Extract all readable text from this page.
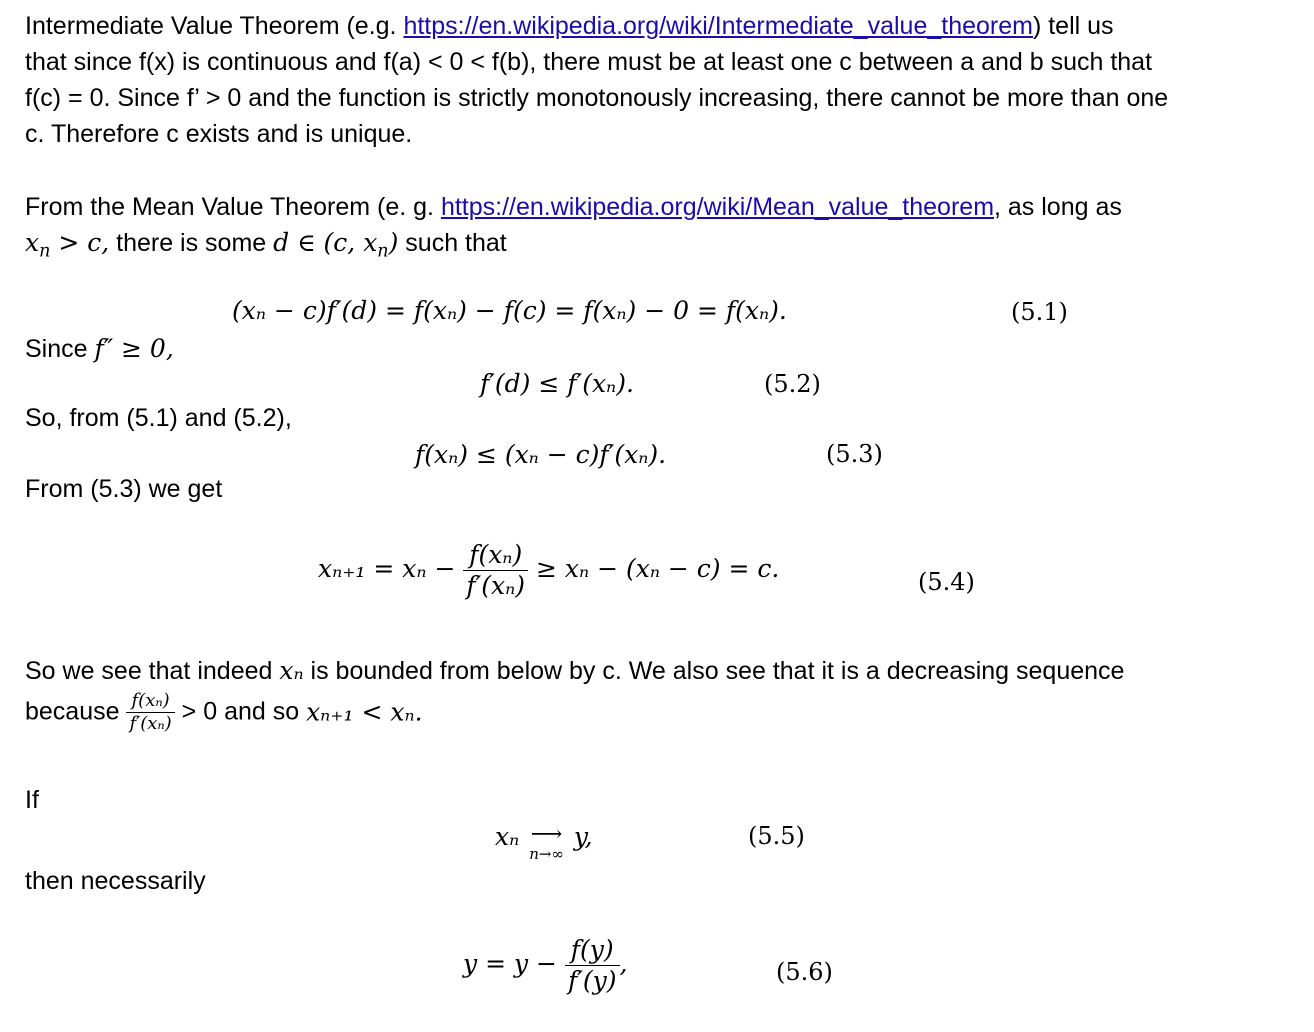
Intermediate Value Theorem (e.g. https://en.wikipedia.org/wiki/Intermediate_value_theorem) tell us
that since f(x) is continuous and f(a) < 0 < f(b), there must be at least one c between a and b such that
f(c) = 0. Since f’ > 0 and the function is strictly monotonously increasing, there cannot be more than one
c. Therefore c exists and is unique.
From the Mean Value Theorem (e. g. https://en.wikipedia.org/wiki/Mean_value_theorem, as long as
$x_n > c$, there is some d ∈ (c, $x_n$) such that
(xₙ − c)f′(d) = f(xₙ) − f(c) = f(xₙ) − 0 = f(xₙ).	(5.1)
Since f″ ≥ 0,
f′(d) ≤ f′(xₙ).	(5.2)
So, from (5.1) and (5.2),
f(xₙ) ≤ (xₙ − c)f′(xₙ).	(5.3)
From (5.3) we get
$x_{n+1} = x_n - \frac{\text{f(xₙ)}}{\text{f′(xₙ)}} \ge x_n - (x_n - c) = c$.	(5.4)
So we see that indeed xₙ is bounded from below by c. We also see that it is a decreasing sequence
because $\frac{\text{f(xₙ)}}{\text{f′(xₙ)}} > 0$ and so xₙ₊₁ < xₙ.
If
xₙ ⟶
n→∞
y,	(5.5)
then necessarily
$y = y - \frac{f(y)}{f'(y)}$ ,	(5.6)
